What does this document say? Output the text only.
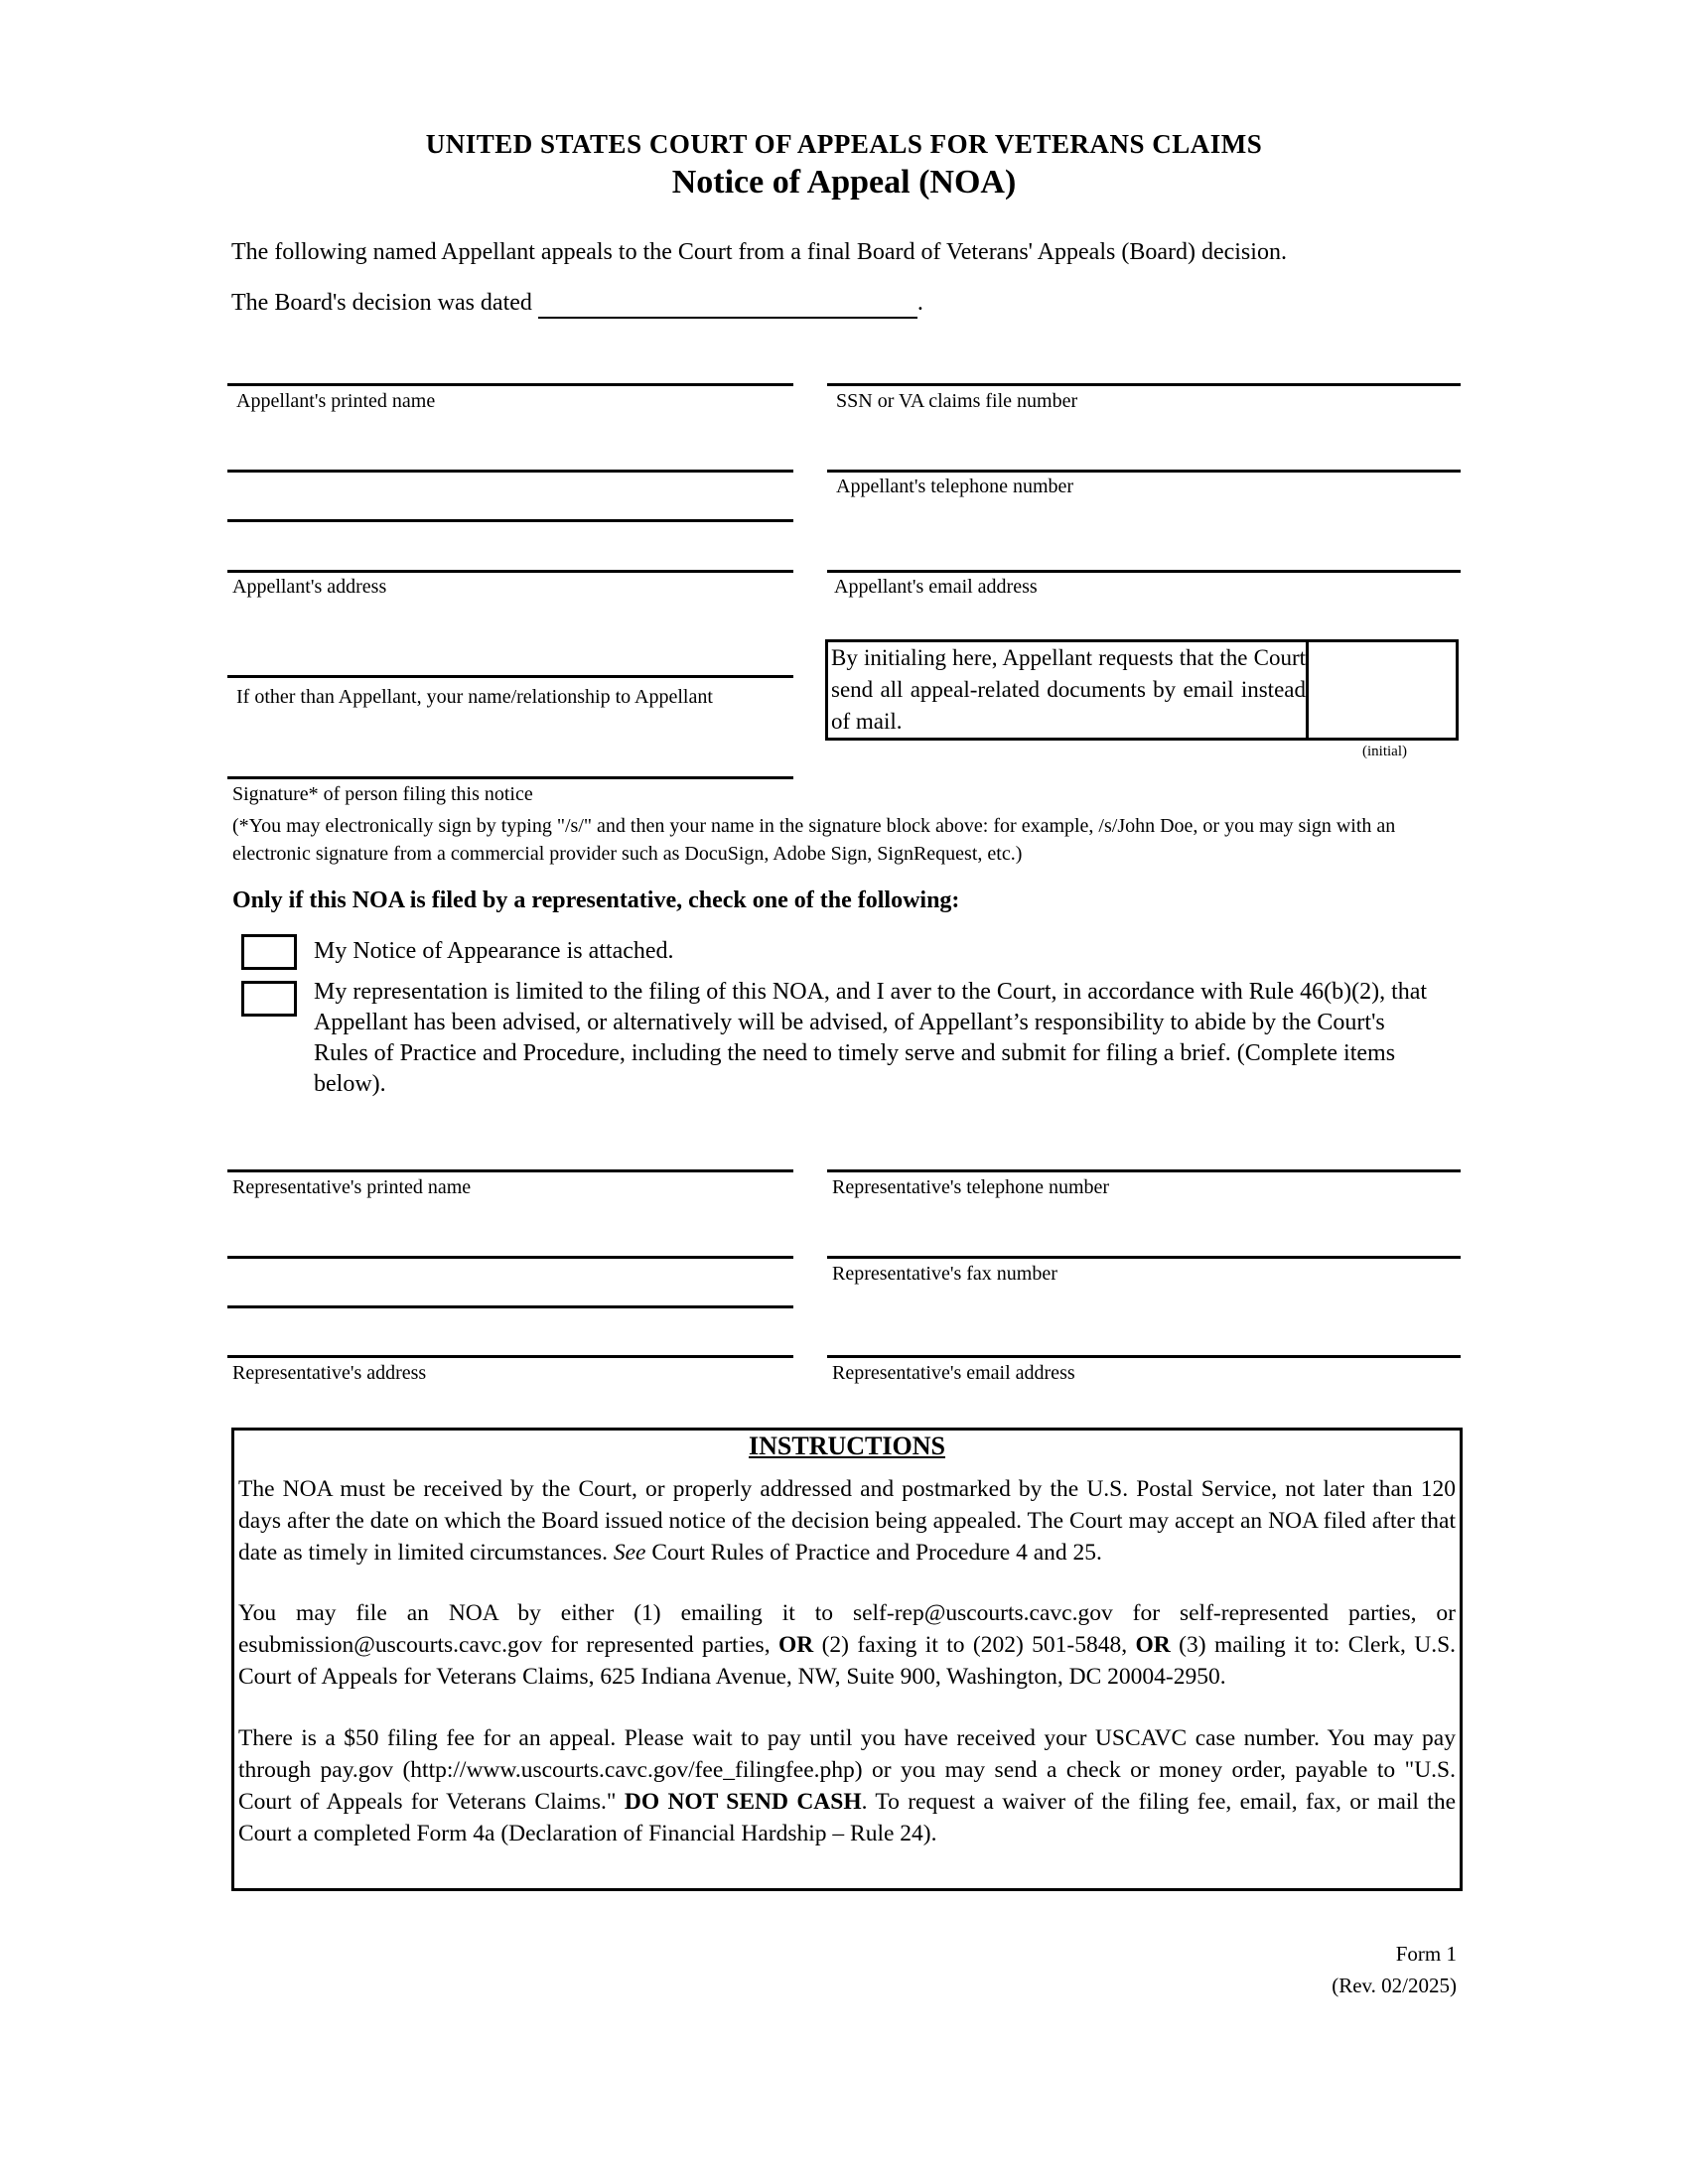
UNITED STATES COURT OF APPEALS FOR VETERANS CLAIMS
Notice of Appeal (NOA)
The following named Appellant appeals to the Court from a final Board of Veterans' Appeals (Board) decision.
The Board's decision was dated	.
Appellant's printed name
Appellant's address
If other than Appellant, your name/relationship to Appellant
Signature* of person filing this notice
SSN or VA claims file number
Appellant's telephone number
Appellant's email address
By initialing here, Appellant requests that the Court send all appeal-related documents by email instead of mail.
(initial)
(*You may electronically sign by typing "/s/" and then your name in the signature block above: for example, /s/John Doe, or you may sign with an electronic signature from a commercial provider such as DocuSign, Adobe Sign, SignRequest, etc.)
Only if this NOA is filed by a representative, check one of the following:
My Notice of Appearance is attached.
My representation is limited to the filing of this NOA, and I aver to the Court, in accordance with Rule 46(b)(2), that Appellant has been advised, or alternatively will be advised, of Appellant’s responsibility to abide by the Court's Rules of Practice and Procedure, including the need to timely serve and submit for filing a brief. (Complete items below).
Representative's printed name
Representative's address
Representative's telephone number
Representative's fax number
Representative's email address
INSTRUCTIONS
The NOA must be received by the Court, or properly addressed and postmarked by the U.S. Postal Service, not later than 120 days after the date on which the Board issued notice of the decision being appealed. The Court may accept an NOA filed after that date as timely in limited circumstances. See Court Rules of Practice and Procedure 4 and 25.
You may file an NOA by either (1) emailing it to self-rep@uscourts.cavc.gov for self-represented parties, or esubmission@uscourts.cavc.gov for represented parties, OR (2) faxing it to (202) 501-5848, OR (3) mailing it to: Clerk, U.S. Court of Appeals for Veterans Claims, 625 Indiana Avenue, NW, Suite 900, Washington, DC 20004-2950.
There is a $50 filing fee for an appeal. Please wait to pay until you have received your USCAVC case number. You may pay through pay.gov (http://www.uscourts.cavc.gov/fee_filingfee.php) or you may send a check or money order, payable to "U.S. Court of Appeals for Veterans Claims." DO NOT SEND CASH. To request a waiver of the filing fee, email, fax, or mail the Court a completed Form 4a (Declaration of Financial Hardship – Rule 24).
Form 1
(Rev. 02/2025)
